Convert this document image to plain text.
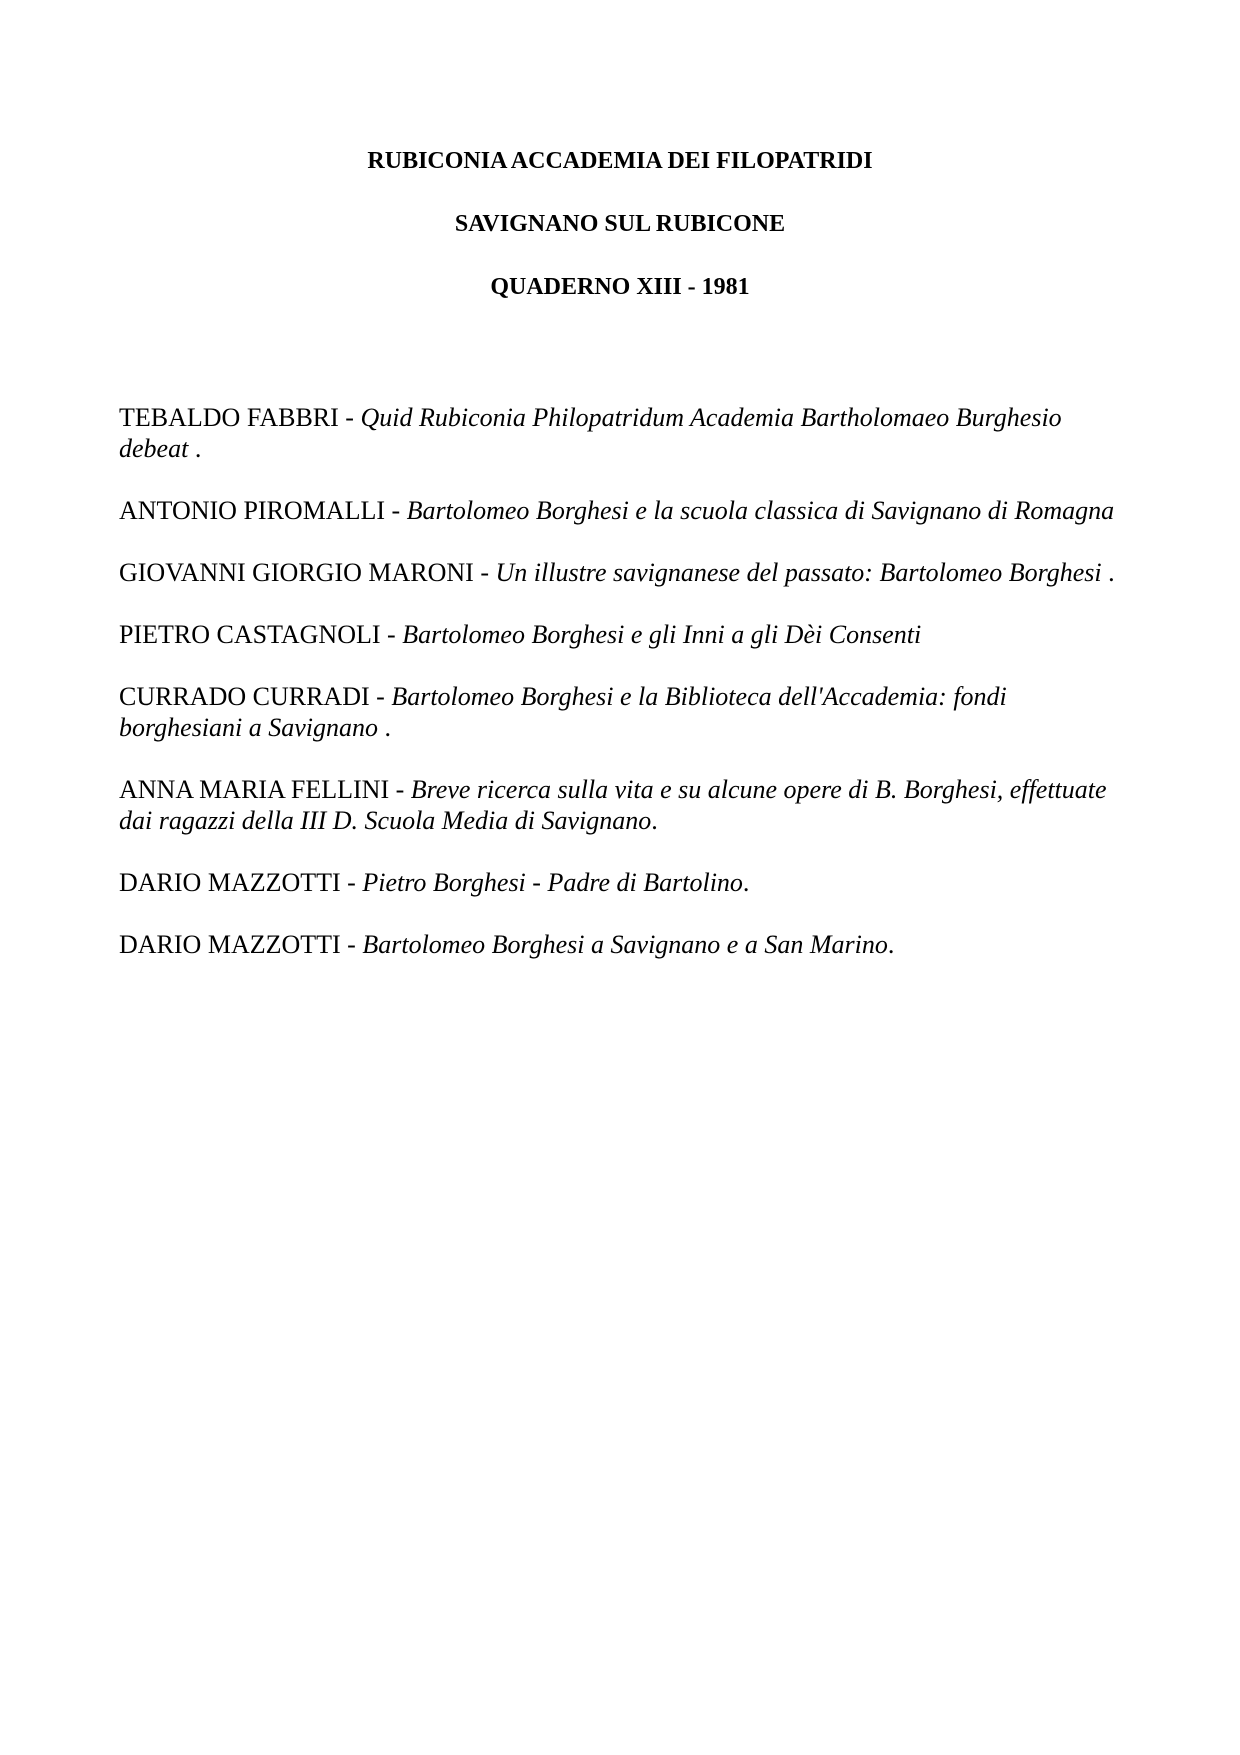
RUBICONIA ACCADEMIA DEI FILOPATRIDI

SAVIGNANO SUL RUBICONE

QUADERNO XIII - 1981

TEBALDO FABBRI - Quid Rubiconia Philopatridum Academia Bartholomaeo Burghesio debeat .

ANTONIO PIROMALLI - Bartolomeo Borghesi e la scuola classica di Savignano di Romagna

GIOVANNI GIORGIO MARONI - Un illustre savignanese del passato: Bartolomeo Borghesi .

PIETRO CASTAGNOLI - Bartolomeo Borghesi e gli Inni a gli Dèi Consenti

CURRADO CURRADI - Bartolomeo Borghesi e la Biblioteca dell'Accademia: fondi borghesiani a Savignano .

ANNA MARIA FELLINI - Breve ricerca sulla vita e su alcune opere di B. Borghesi, effettuate dai ragazzi della III D. Scuola Media di Savignano.

DARIO MAZZOTTI - Pietro Borghesi - Padre di Bartolino.

DARIO MAZZOTTI - Bartolomeo Borghesi a Savignano e a San Marino.
